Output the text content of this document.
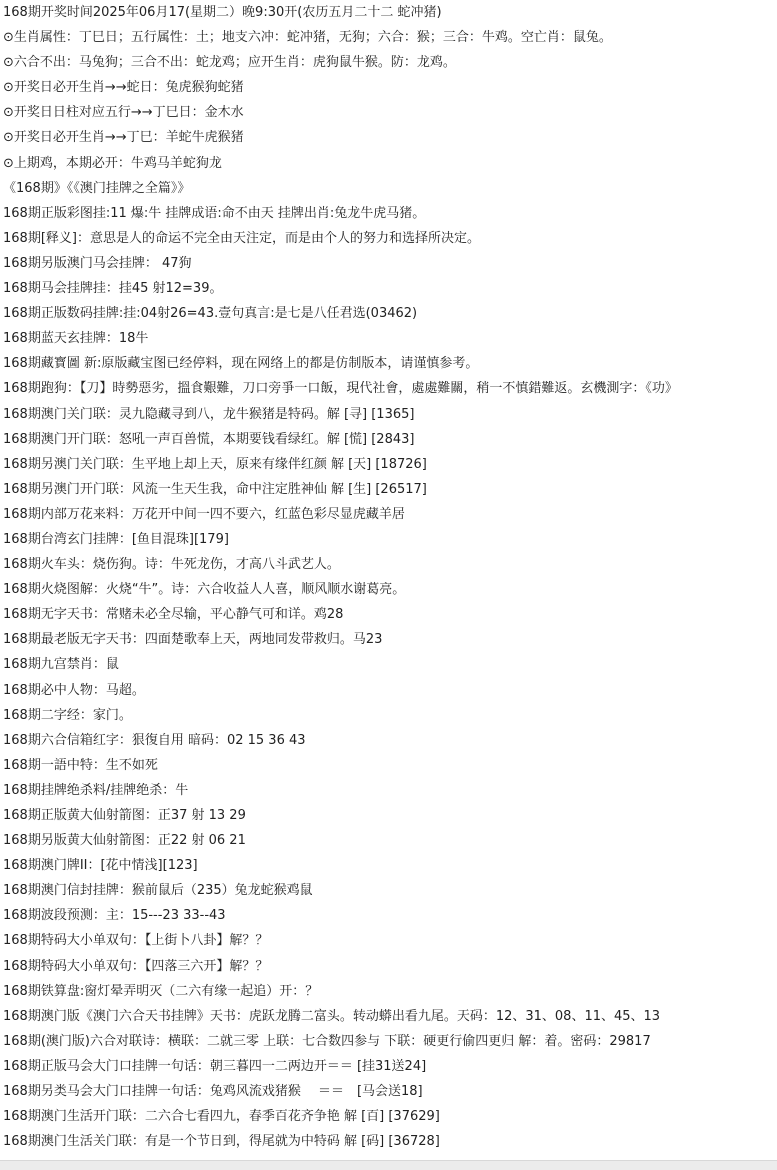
168期开奖时间2025年06月17(星期二）晚9:30开(农历五月二十二 蛇冲猪)
⊙生肖属性：丁巳日；五行属性：土；地支六冲：蛇冲猪，无狗；六合：猴；三合：牛鸡。空亡肖：鼠兔。
⊙六合不出：马兔狗；三合不出：蛇龙鸡；应开生肖：虎狗鼠牛猴。防：龙鸡。
⊙开奖日必开生肖→→蛇日：兔虎猴狗蛇猪
⊙开奖日日柱对应五行→→丁巳日：金木水
⊙开奖日必开生肖→→丁巳：羊蛇牛虎猴猪
⊙上期鸡，本期必开：牛鸡马羊蛇狗龙
《168期》《《澳门挂牌之全篇》》
168期正版彩图挂:11 爆:牛 挂牌成语:命不由天 挂牌出肖:兔龙牛虎马猪。
168期[释义]：意思是人的命运不完全由天注定，而是由个人的努力和选择所决定。
168期另版澳门马会挂牌： 47狗
168期马会挂牌挂：挂45 射12=39。
168期正版数码挂牌:挂:04射26=43.壹句真言:是七是八任君选(03462)
168期蓝天玄挂牌：18牛
168期藏寳圖 新:原版藏宝图已经停料，现在网络上的都是仿制版本，请谨慎参考。
168期跑狗：【刀】時勢惡劣，搵食艱難，刀口旁爭一口飯，現代社會，處處難關，稍一不慎錯難返。玄機測字：《功》
168期澳门关门联：灵九隐藏寻到八，龙牛猴猪是特码。解 [寻] [1365]
168期澳门开门联：怒吼一声百兽慌，本期要钱看绿红。解 [慌] [2843]
168期另澳门关门联：生平地上却上天，原来有缘伴红颜 解 [天] [18726]
168期另澳门开门联：风流一生天生我，命中注定胜神仙 解 [生] [26517]
168期内部万花来料：万花开中间一四不要六，红蓝色彩尽显虎藏羊居
168期台湾玄门挂牌：[鱼目混珠][179]
168期火车头：烧伤狗。诗：牛死龙伤，才高八斗武艺人。
168期火烧图解：火烧“牛”。诗：六合收益人人喜，顺风顺水谢葛亮。
168期无字天书：常赌未必全尽输，平心静气可和详。鸡28
168期最老版无字天书：四面楚歌奉上天，两地同发带救归。马23
168期九宫禁肖：鼠
168期必中人物：马超。
168期二字经：家门。
168期六合信箱红字：狠復自用 暗码：02 15 36 43
168期一語中特：生不如死
168期挂牌绝杀料/挂牌绝杀：牛
168期正版黄大仙射箭图：正37 射 13 29
168期另版黄大仙射箭图：正22 射 06 21
168期澳门牌II：[花中情浅][123]
168期澳门信封挂牌：猴前鼠后（235）兔龙蛇猴鸡鼠
168期波段预测：主：15---23 33--43
168期特码大小单双句：【上街卜八卦】解？？
168期特码大小单双句：【四落三六开】解？？
168期铁算盘:窗灯晕弄明灭（二六有缘一起追）开：？
168期澳门版《澳门六合天书挂牌》天书：虎跃龙腾二富头。转动蟒出看九尾。天码：12、31、08、11、45、13
168期(澳门版)六合对联诗：横联：二就三零 上联：七合数四参与 下联：硬更行偷四更归 解：着。密码：29817
168期正版马会大门口挂牌一句话：朝三暮四一二两边开＝＝ [挂31送24]
168期另类马会大门口挂牌一句话：兔鸡风流戏猪猴　 ＝＝　[马会送18]
168期澳门生活开门联：二六合七看四九，春季百花齐争艳 解 [百] [37629]
168期澳门生活关门联：有是一个节日到，得尾就为中特码 解 [码] [36728]
